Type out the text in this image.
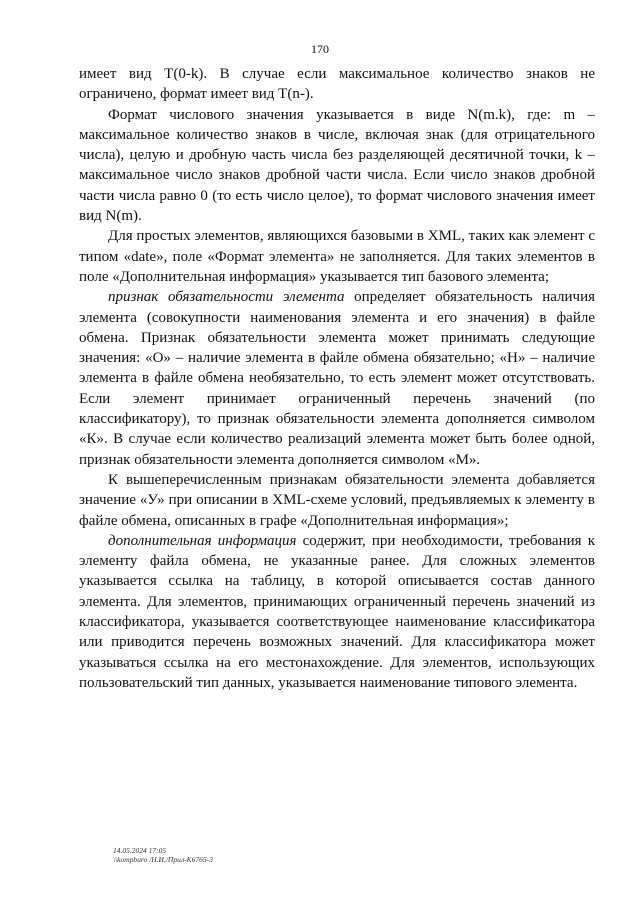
170

имеет вид T(0-k). В случае если максимальное количество знаков не ограничено, формат имеет вид T(n-).

Формат числового значения указывается в виде N(m.k), где: m – максимальное количество знаков в числе, включая знак (для отрицательного числа), целую и дробную часть числа без разделяющей десятичной точки, k – максимальное число знаков дробной части числа. Если число знаков дробной части числа равно 0 (то есть число целое), то формат числового значения имеет вид N(m).

Для простых элементов, являющихся базовыми в XML, таких как элемент с типом «date», поле «Формат элемента» не заполняется. Для таких элементов в поле «Дополнительная информация» указывается тип базового элемента;

признак обязательности элемента определяет обязательность наличия элемента (совокупности наименования элемента и его значения) в файле обмена. Признак обязательности элемента может принимать следующие значения: «О» – наличие элемента в файле обмена обязательно; «Н» – наличие элемента в файле обмена необязательно, то есть элемент может отсутствовать. Если элемент принимает ограниченный перечень значений (по классификатору), то признак обязательности элемента дополняется символом «К». В случае если количество реализаций элемента может быть более одной, признак обязательности элемента дополняется символом «М».

К вышеперечисленным признакам обязательности элемента добавляется значение «У» при описании в XML-схеме условий, предъявляемых к элементу в файле обмена, описанных в графе «Дополнительная информация»;

дополнительная информация содержит, при необходимости, требования к элементу файла обмена, не указанные ранее. Для сложных элементов указывается ссылка на таблицу, в которой описывается состав данного элемента. Для элементов, принимающих ограниченный перечень значений из классификатора, указывается соответствующее наименование классификатора или приводится перечень возможных значений. Для классификатора может указываться ссылка на его местонахождение. Для элементов, использующих пользовательский тип данных, указывается наименование типового элемента.

14.05.2024 17:05
\\kompburo /Н.И./Прил-К6765-3
